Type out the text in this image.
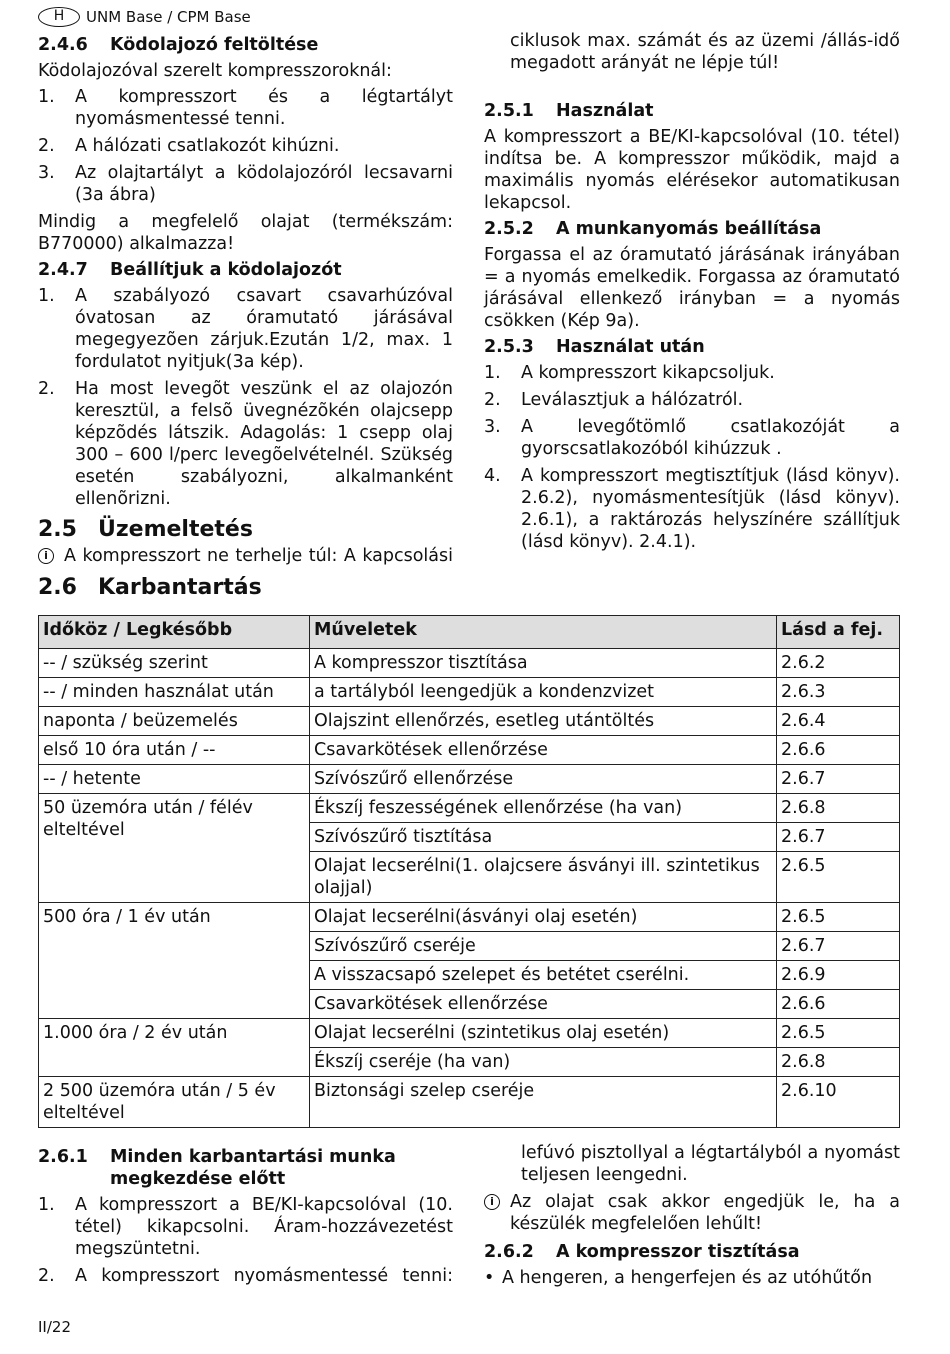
H	UNM Base / CPM Base
2.4.6 Ködolajozó feltöltése

Ködolajozóval szerelt kompresszoroknál:

1. A kompresszort és a légtartályt nyomásmentessé tenni.
2. A hálózati csatlakozót kihúzni.
3. Az olajtartályt a ködolajozóról lecsavarni (3a ábra)

Mindig a megfelelő olajat (termékszám: B770000) alkalmazza!

2.4.7 Beállítjuk a ködolajozót
1. A szabályozó csavart csavarhúzóval óvatosan az óramutató járásával megegyezõen zárjuk.Ezután 1/2, max. 1 fordulatot nyitjuk(3a kép).
2. Ha most levegõt veszünk el az olajozón keresztül, a felsõ üvegnézõkén olajcsepp képzõdés látszik. Adagolás: 1 csepp olaj 300 – 600 l/perc levegõelvételnél. Szükség esetén szabályozni, alkalmanként ellenõrizni.
2.5 Üzemeltetés
i A kompresszort ne terhelje túl: A kapcsolási
2.6 Karbantartás
ciklusok max. számát és az üzemi /állás-idő megadott arányát ne lépje túl!
2.5.1 Használat

A kompresszort a BE/KI-kapcsolóval (10. tétel) indítsa be. A kompresszor működik, majd a maximális nyomás elérésekor automatikusan lekapcsol.

2.5.2 A munkanyomás beállítása

Forgassa el az óramutató járásának irányában = a nyomás emelkedik. Forgassa az óramutató járásával ellenkező irányban = a nyomás csökken (Kép 9a).

2.5.3 Használat után
1. A kompresszort kikapcsoljuk.
2. Leválasztjuk a hálózatról.
3. A levegőtömlő csatlakozóját a gyorscsatlakozóból kihúzzuk .
4. A kompresszort megtisztítjuk (lásd könyv). 2.6.2), nyomásmentesítjük (lásd könyv). 2.6.1), a raktározás helyszínére szállítjuk (lásd könyv). 2.4.1).
Időköz / Legkésőbb	Műveletek	Lásd a fej.
-- / szükség szerint	A kompresszor tisztítása	2.6.2
-- / minden használat után	a tartályból leengedjük a kondenzvizet	2.6.3
naponta / beüzemelés	Olajszint ellenőrzés, esetleg utántöltés	2.6.4
első 10 óra után / --	Csavarkötések ellenőrzése	2.6.6
-- / hetente	Szívószűrő ellenőrzése	2.6.7
50 üzemóra után / félév elteltével	Ékszíj feszességének ellenőrzése (ha van)	2.6.8
	Szívószűrő tisztítása	2.6.7
	Olajat lecserélni(1. olajcsere ásványi ill. szintetikus olajjal)	2.6.5
500 óra / 1 év után	Olajat lecserélni(ásványi olaj esetén)	2.6.5
	Szívószűrő cseréje	2.6.7
	A visszacsapó szelepet és betétet cserélni.	2.6.9
	Csavarkötések ellenőrzése	2.6.6
1.000 óra / 2 év után	Olajat lecserélni (szintetikus olaj esetén)	2.6.5
	Ékszíj cseréje (ha van)	2.6.8
2 500 üzemóra után / 5 év elteltével	Biztonsági szelep cseréje	2.6.10
2.6.1	Minden karbantartási munka megkezdése előtt
1. A kompresszort a BE/KI-kapcsolóval (10. tétel) kikapcsolni. Áram-hozzávezetést megszüntetni.
2. A kompresszort nyomásmentessé tenni:
lefúvó pisztollyal a légtartályból a nyomást teljesen leengedni.
i Az olajat csak akkor engedjük le, ha a készülék megfelelően lehűlt!
2.6.2 A kompresszor tisztítása
• A hengeren, a hengerfejen és az utóhűtőn
II/22
